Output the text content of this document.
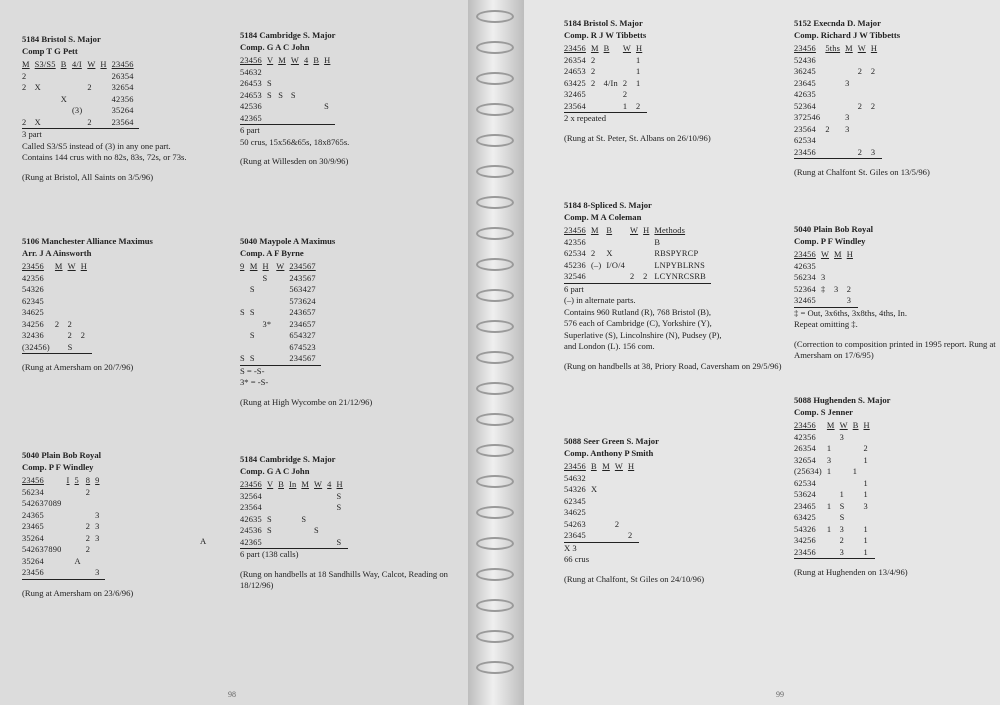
98
5184 Bristol S. Major
Comp T G Pett
M	S3/S5	B	4/I	W	H	23456
2						26354
2	X			2		32654
		X				42356
			(3)			35264
2	X			2		23564
3 part
Called S3/S5 instead of (3) in any one part.
Contains 144 crus with no 82s, 83s, 72s, or 73s.
(Rung at Bristol, All Saints on 3/5/96)
5106 Manchester Alliance Maximus
Arr. J A Ainsworth
23456	M	W	H
42356			
54326			
62345			
34625			
34256	2	2	
32436		2	2
(32456)		S	
(Rung at Amersham on 20/7/96)
5040 Plain Bob Royal
Comp. P F Windley
23456	I	5	8	9
56234			2	
542637089				
24365				3
23465			2	3
35264			2	3
542637890			2	
35264		A		
23456				3
A
(Rung at Amersham on 23/6/96)
5184 Cambridge S. Major
Comp. G A C John
23456	V	M	W	4	B	H
54632						
26453	S					
24653	S	S	S			
42536						S
42365						
6 part
50 crus, 15x56&65s, 18x8765s.
(Rung at Willesden on 30/9/96)
5040 Maypole A Maximus
Comp. A F Byrne
9	M	H	W	234567
		S		243567
	S			563427
				573624
S	S			243657
		3*		234657
	S			654327
				674523
S	S			234567
S = -S-
3* = -S-
(Rung at High Wycombe on 21/12/96)
5184 Cambridge S. Major
Comp. G A C John
23456	V	B	In	M	W	4	H
32564							S
23564							S
42635	S			S			
24536	S				S		
42365							S
6 part (138 calls)
(Rung on handbells at 18 Sandhills Way, Calcot, Reading on 18/12/96)
99
5184 Bristol S. Major
Comp. R J W Tibbetts
23456	M	B	W	H
26354	2			1
24653	2			1
63425	2	4/In	2	1
32465			2	
23564			1	2
2 x repeated
(Rung at St. Peter, St. Albans on 26/10/96)
5184 8-Spliced S. Major
Comp. M A Coleman
23456	M	B	W	H	Methods
42356					B
62534	2	X			RBSPYRCP
45236	(–)	I/O/4			LNPYBLRNS
32546			2	2	LCYNRCSRB
6 part
(–) in alternate parts.
Contains 960 Rutland (R), 768 Bristol (B),
576 each of Cambridge (C), Yorkshire (Y),
Superlative (S), Lincolnshire (N), Pudsey (P),
and London (L). 156 com.
(Rung on handbells at 38, Priory Road, Caversham on 29/5/96)
5088 Seer Green S. Major
Comp. Anthony P Smith
23456	B	M	W	H
54632				
54326	X			
62345				
34625				
54263			2	
23645				2
X 3
66 crus
(Rung at Chalfont, St Giles on 24/10/96)
5152 Execnda D. Major
Comp. Richard J W Tibbetts
23456	5ths	M	W	H
52436				
36245			2	2
23645		3		
42635				
52364			2	2
372546		3		
23564	2	3		
62534				
23456			2	3
(Rung at Chalfont St. Giles on 13/5/96)
5040 Plain Bob Royal
Comp. P F Windley
23456	W	M	H
42635			
56234	3		
52364	‡	3	2
32465			3
‡ = Out, 3x6ths, 3x8ths, 4ths, In.
Repeat omitting ‡.
(Correction to composition printed in 1995 report. Rung at Amersham on 17/6/95)
5088 Hughenden S. Major
Comp. S Jenner
23456	M	W	B	H
42356		3		
26354	1			2
32654	3			1
(25634)	1		1	
62534				1
53624		1		1
23465	1	S		3
63425		S		
54326	1	3		1
34256		2		1
23456		3		1
(Rung at Hughenden on 13/4/96)
